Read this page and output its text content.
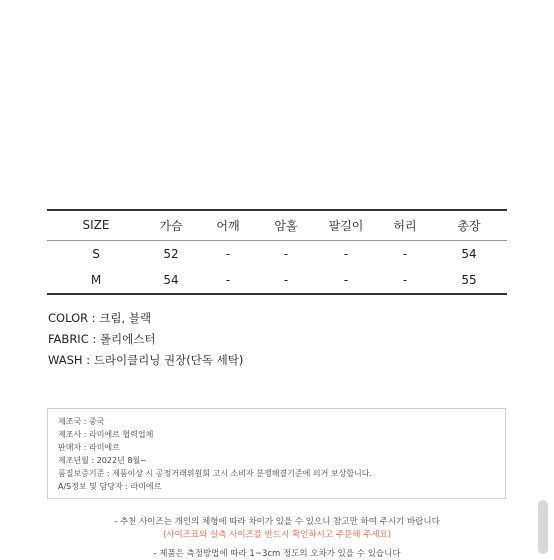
SIZE	가슴	어깨	암홀	팔길이	허리	총장
S	52	-	-	-	-	54
M	54	-	-	-	-	55
COLOR : 크림, 블랙
FABRIC : 폴리에스터
WASH : 드라이클리닝 권장(단독 세탁)
제조국 : 중국
제조사 : 라미에르 협력업체
판매자 : 라미에르
제조년월 : 2022년 8월~
품질보증기준 : 제품이상 시 공정거래위원회 고시 소비자 분쟁해결기준에 의거 보상합니다.
A/S정보 및 담당자 : 라미에르
- 추천 사이즈는 개인의 체형에 따라 차이가 있을 수 있으니 참고만 하여 주시기 바랍니다
(사이즈표와 실측 사이즈를 반드시 확인하시고 주문해 주세요)
- 제품은 측정방법에 따라 1~3cm 정도의 오차가 있을 수 있습니다
